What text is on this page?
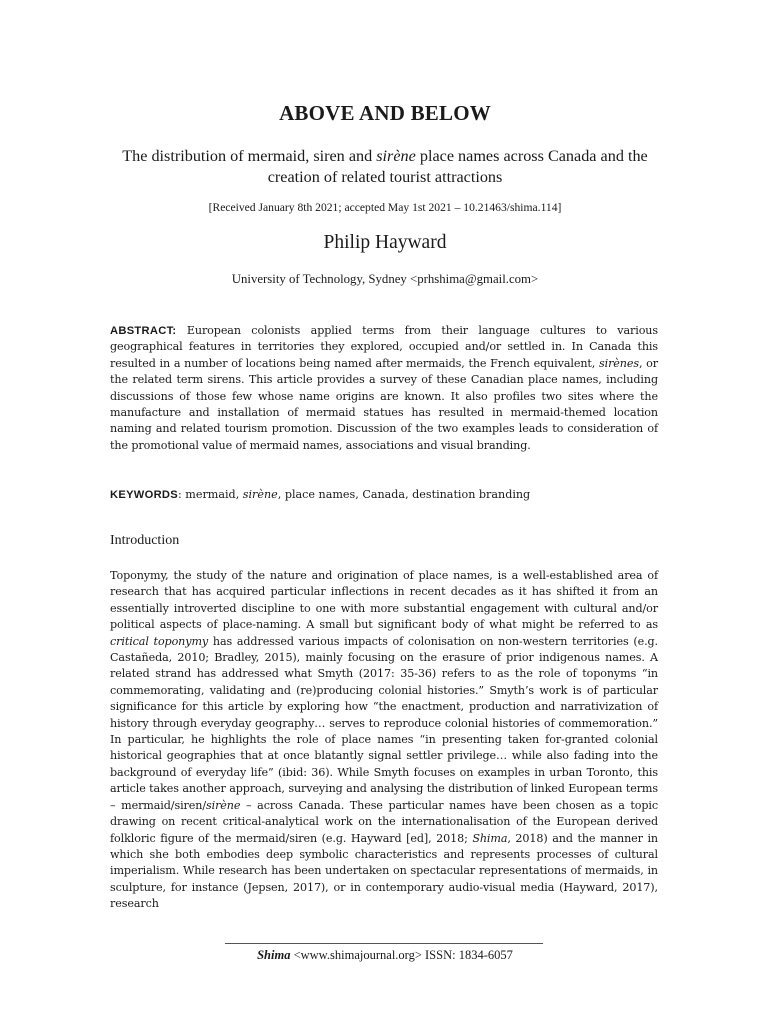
ABOVE AND BELOW
The distribution of mermaid, siren and sirène place names across Canada and the creation of related tourist attractions
[Received January 8th 2021; accepted May 1st 2021 – 10.21463/shima.114]
Philip Hayward
University of Technology, Sydney <prhshima@gmail.com>
ABSTRACT: European colonists applied terms from their language cultures to various geographical features in territories they explored, occupied and/or settled in. In Canada this resulted in a number of locations being named after mermaids, the French equivalent, sirènes, or the related term sirens. This article provides a survey of these Canadian place names, including discussions of those few whose name origins are known. It also profiles two sites where the manufacture and installation of mermaid statues has resulted in mermaid-themed location naming and related tourism promotion. Discussion of the two examples leads to consideration of the promotional value of mermaid names, associations and visual branding.
KEYWORDS: mermaid, sirène, place names, Canada, destination branding
Introduction
Toponymy, the study of the nature and origination of place names, is a well-established area of research that has acquired particular inflections in recent decades as it has shifted it from an essentially introverted discipline to one with more substantial engagement with cultural and/or political aspects of place-naming. A small but significant body of what might be referred to as critical toponymy has addressed various impacts of colonisation on non-western territories (e.g. Castañeda, 2010; Bradley, 2015), mainly focusing on the erasure of prior indigenous names. A related strand has addressed what Smyth (2017: 35-36) refers to as the role of toponyms “in commemorating, validating and (re)producing colonial histories.” Smyth’s work is of particular significance for this article by exploring how “the enactment, production and narrativization of history through everyday geography… serves to reproduce colonial histories of commemoration.” In particular, he highlights the role of place names “in presenting taken for-granted colonial historical geographies that at once blatantly signal settler privilege… while also fading into the background of everyday life” (ibid: 36). While Smyth focuses on examples in urban Toronto, this article takes another approach, surveying and analysing the distribution of linked European terms – mermaid/siren/sirène – across Canada. These particular names have been chosen as a topic drawing on recent critical-analytical work on the internationalisation of the European derived folkloric figure of the mermaid/siren (e.g. Hayward [ed], 2018; Shima, 2018) and the manner in which she both embodies deep symbolic characteristics and represents processes of cultural imperialism. While research has been undertaken on spectacular representations of mermaids, in sculpture, for instance (Jepsen, 2017), or in contemporary audio-visual media (Hayward, 2017), research
Shima <www.shimajournal.org> ISSN: 1834-6057
